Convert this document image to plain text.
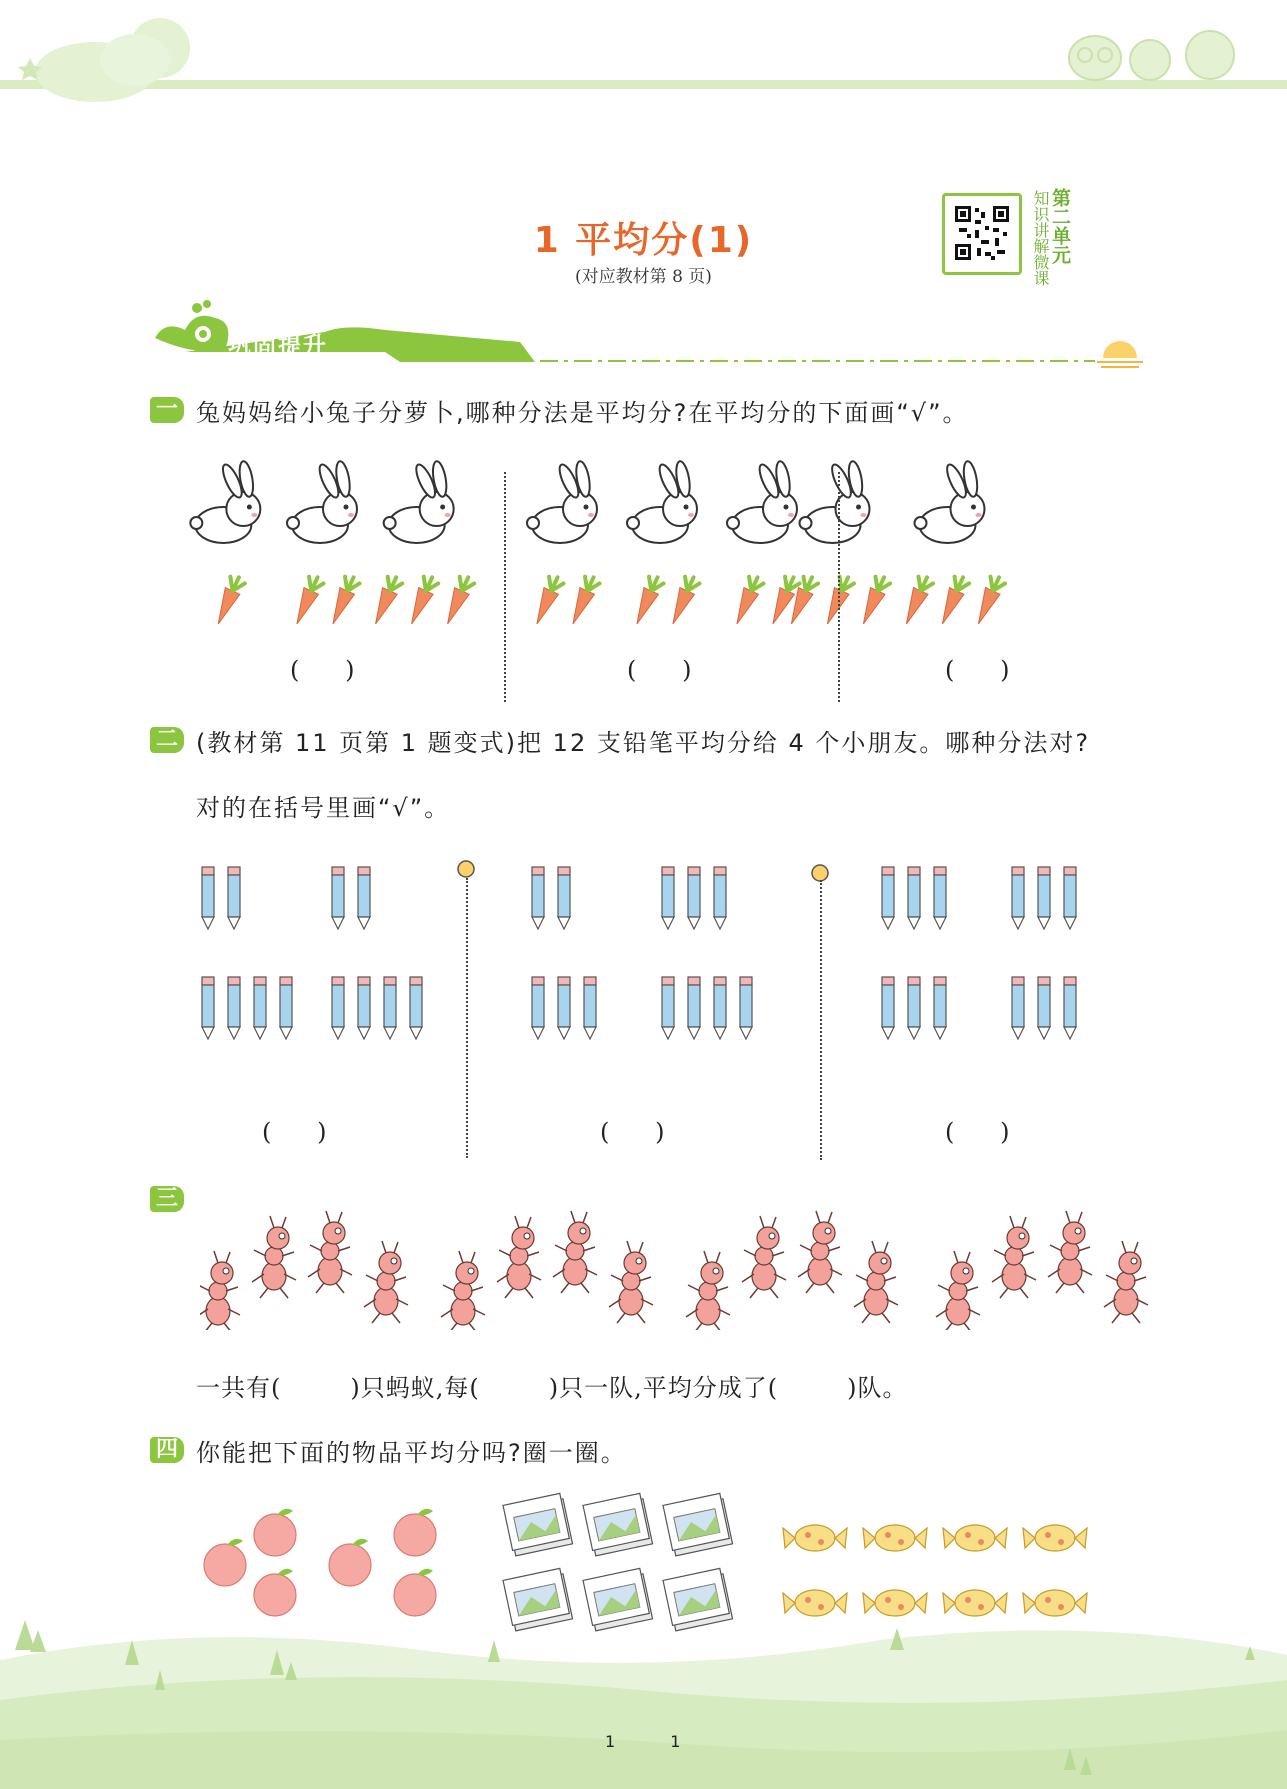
1 平均分(1)
(对应教材第 8 页)	知识讲解微课 第二单元
巩固提升
一 兔妈妈给小兔子分萝卜,哪种分法是平均分?在平均分的下面画“√”。
(      )	(      )	(      )
二 (教材第 11 页第 1 题变式)把 12 支铅笔平均分给 4 个小朋友。哪种分法对?
对的在括号里画“√”。
(      )	(      )	(      )
三
一共有(        )只蚂蚁,每(        )只一队,平均分成了(        )队。
四 你能把下面的物品平均分吗?圈一圈。
1 1
